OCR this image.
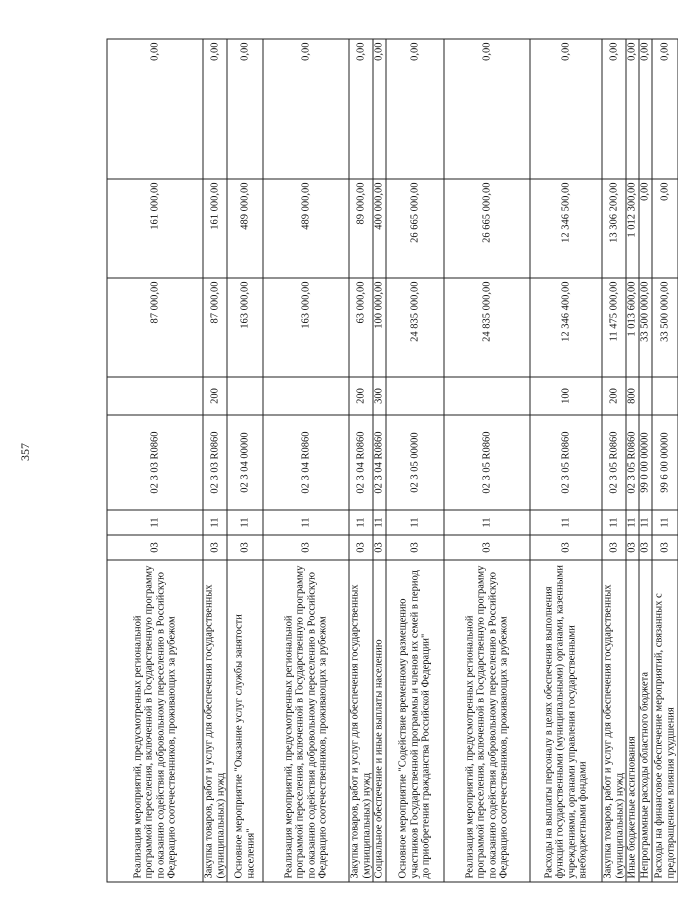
357
Реализация мероприятий, предусмотренных региональной программой переселения, включенной в Государственную программу по оказанию содействия добровольному переселению в Российскую Федерацию соотечественников, проживающих за рубежом	03	11	02 3 03 R0860		87 000,00	161 000,00	0,00
Закупка товаров, работ и услуг для обеспечения государственных (муниципальных) нужд	03	11	02 3 03 R0860	200	87 000,00	161 000,00	0,00
Основное мероприятие "Оказание услуг службы занятости населения"	03	11	02 3 04 00000		163 000,00	489 000,00	0,00
Реализация мероприятий, предусмотренных региональной программой переселения, включенной в Государственную программу по оказанию содействия добровольному переселению в Российскую Федерацию соотечественников, проживающих за рубежом	03	11	02 3 04 R0860		163 000,00	489 000,00	0,00
Закупка товаров, работ и услуг для обеспечения государственных (муниципальных) нужд	03	11	02 3 04 R0860	200	63 000,00	89 000,00	0,00
Социальное обеспечение и иные выплаты населению	03	11	02 3 04 R0860	300	100 000,00	400 000,00	0,00
Основное мероприятие "Содействие временному размещению участников Государственной программы и членов их семей в период до приобретения гражданства Российской Федерации"	03	11	02 3 05 00000		24 835 000,00	26 665 000,00	0,00
Реализация мероприятий, предусмотренных региональной программой переселения, включенной в Государственную программу по оказанию содействия добровольному переселению в Российскую Федерацию соотечественников, проживающих за рубежом	03	11	02 3 05 R0860		24 835 000,00	26 665 000,00	0,00
Расходы на выплаты персоналу в целях обеспечения выполнения функций государственными (муниципальными) органами, казенными учреждениями, органами управления государственными внебюджетными фондами	03	11	02 3 05 R0860	100	12 346 400,00	12 346 500,00	0,00
Закупка товаров, работ и услуг для обеспечения государственных (муниципальных) нужд	03	11	02 3 05 R0860	200	11 475 000,00	13 306 200,00	0,00
Иные бюджетные ассигнования	03	11	02 3 05 R0860	800	1 013 600,00	1 012 300,00	0,00
Непрограммные расходы областного бюджета	03	11	99 0 00 00000		33 500 000,00	0,00	0,00
Расходы на финансовое обеспечение мероприятий, связанных с предотвращением влияния ухудшения	03	11	99 6 00 00000		33 500 000,00	0,00	0,00
